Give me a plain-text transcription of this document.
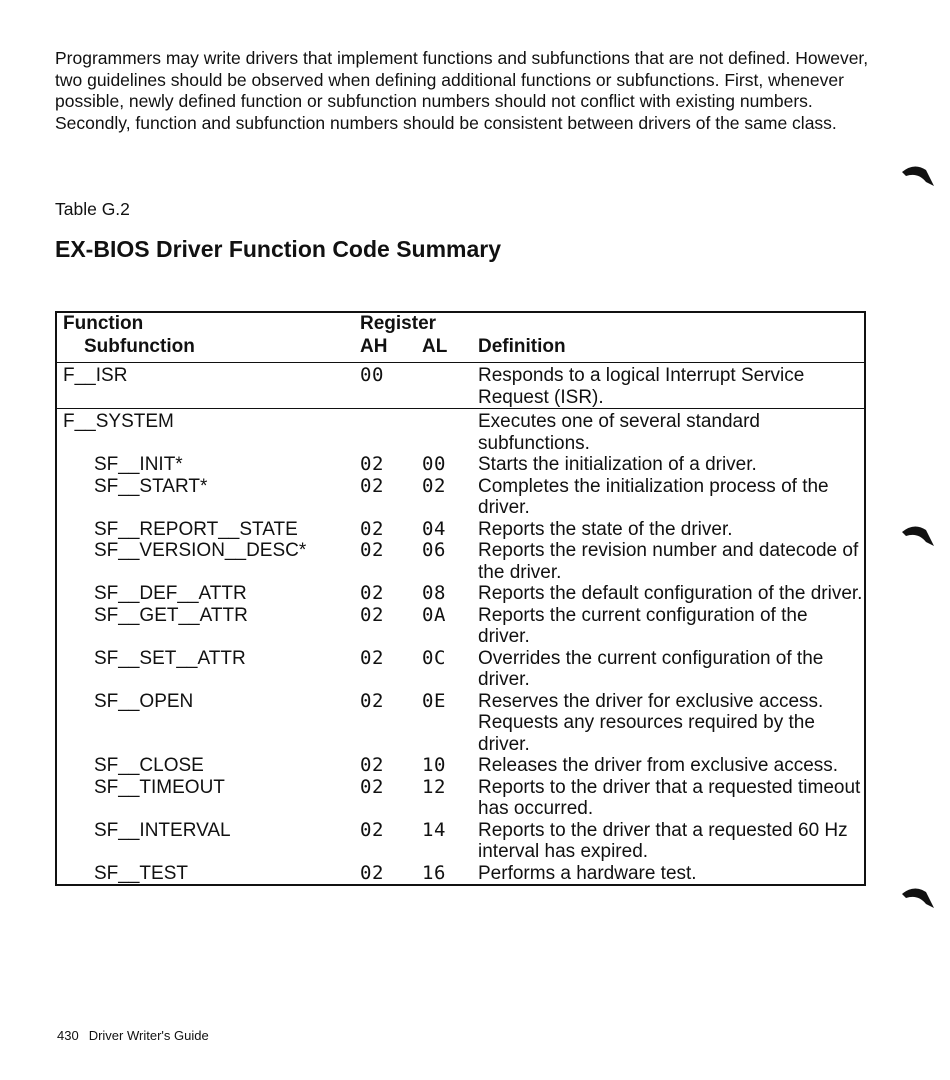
Programmers may write drivers that implement functions and subfunctions that are not defined. However, two guidelines should be observed when defining additional functions or subfunctions. First, whenever possible, newly defined function or subfunction numbers should not conflict with existing numbers. Secondly, function and subfunction numbers should be consistent between drivers of the same class.

Table G.2

EX-BIOS Driver Function Code Summary
Function	Register		
Subfunction	AH	AL	Definition
F__ISR	00		Responds to a logical Interrupt Service Request (ISR).
F__SYSTEM			Executes one of several standard subfunctions.
SF__INIT*	02	00	Starts the initialization of a driver.
SF__START*	02	02	Completes the initialization process of the driver.
SF__REPORT__STATE	02	04	Reports the state of the driver.
SF__VERSION__DESC*	02	06	Reports the revision number and datecode of the driver.
SF__DEF__ATTR	02	08	Reports the default configuration of the driver.
SF__GET__ATTR	02	0A	Reports the current configuration of the driver.
SF__SET__ATTR	02	0C	Overrides the current configuration of the driver.
SF__OPEN	02	0E	Reserves the driver for exclusive access. Requests any resources required by the driver.
SF__CLOSE	02	10	Releases the driver from exclusive access.
SF__TIMEOUT	02	12	Reports to the driver that a requested timeout has occurred.
SF__INTERVAL	02	14	Reports to the driver that a requested 60 Hz interval has expired.
SF__TEST	02	16	Performs a hardware test.
430 Driver Writer's Guide
